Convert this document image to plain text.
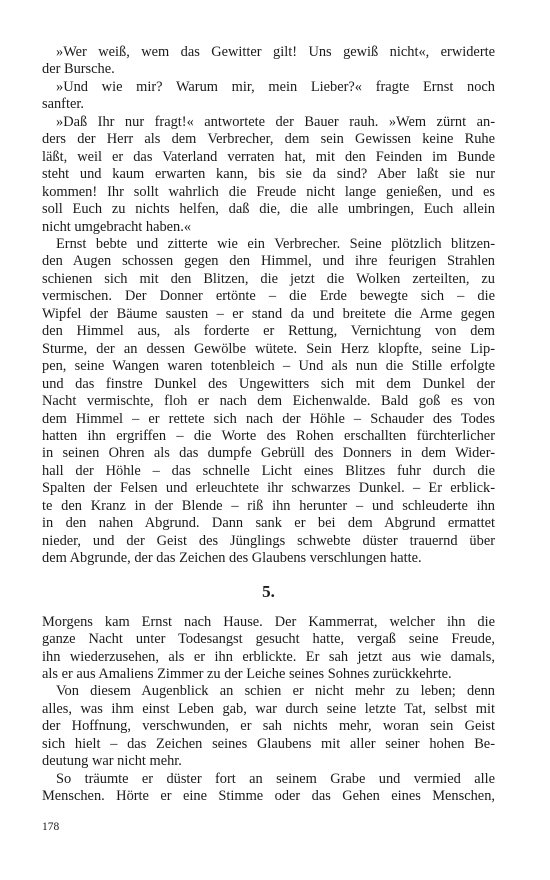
»Wer weiß, wem das Gewitter gilt! Uns gewiß nicht«, erwiderte
der Bursche.
»Und wie mir? Warum mir, mein Lieber?« fragte Ernst noch
sanfter.
»Daß Ihr nur fragt!« antwortete der Bauer rauh. »Wem zürnt an-
ders der Herr als dem Verbrecher, dem sein Gewissen keine Ruhe
läßt, weil er das Vaterland verraten hat, mit den Feinden im Bunde
steht und kaum erwarten kann, bis sie da sind? Aber laßt sie nur
kommen! Ihr sollt wahrlich die Freude nicht lange genießen, und es
soll Euch zu nichts helfen, daß die, die alle umbringen, Euch allein
nicht umgebracht haben.«
Ernst bebte und zitterte wie ein Verbrecher. Seine plötzlich blitzen-
den Augen schossen gegen den Himmel, und ihre feurigen Strahlen
schienen sich mit den Blitzen, die jetzt die Wolken zerteilten, zu
vermischen. Der Donner ertönte – die Erde bewegte sich – die
Wipfel der Bäume sausten – er stand da und breitete die Arme gegen
den Himmel aus, als forderte er Rettung, Vernichtung von dem
Sturme, der an dessen Gewölbe wütete. Sein Herz klopfte, seine Lip-
pen, seine Wangen waren totenbleich – Und als nun die Stille erfolgte
und das finstre Dunkel des Ungewitters sich mit dem Dunkel der
Nacht vermischte, floh er nach dem Eichenwalde. Bald goß es von
dem Himmel – er rettete sich nach der Höhle – Schauder des Todes
hatten ihn ergriffen – die Worte des Rohen erschallten fürchterlicher
in seinen Ohren als das dumpfe Gebrüll des Donners in dem Wider-
hall der Höhle – das schnelle Licht eines Blitzes fuhr durch die
Spalten der Felsen und erleuchtete ihr schwarzes Dunkel. – Er erblick-
te den Kranz in der Blende – riß ihn herunter – und schleuderte ihn
in den nahen Abgrund. Dann sank er bei dem Abgrund ermattet
nieder, und der Geist des Jünglings schwebte düster trauernd über
dem Abgrunde, der das Zeichen des Glaubens verschlungen hatte.
5.
Morgens kam Ernst nach Hause. Der Kammerrat, welcher ihn die
ganze Nacht unter Todesangst gesucht hatte, vergaß seine Freude,
ihn wiederzusehen, als er ihn erblickte. Er sah jetzt aus wie damals,
als er aus Amaliens Zimmer zu der Leiche seines Sohnes zurückkehrte.
Von diesem Augenblick an schien er nicht mehr zu leben; denn
alles, was ihm einst Leben gab, war durch seine letzte Tat, selbst mit
der Hoffnung, verschwunden, er sah nichts mehr, woran sein Geist
sich hielt – das Zeichen seines Glaubens mit aller seiner hohen Be-
deutung war nicht mehr.
So träumte er düster fort an seinem Grabe und vermied alle
Menschen. Hörte er eine Stimme oder das Gehen eines Menschen,
178
